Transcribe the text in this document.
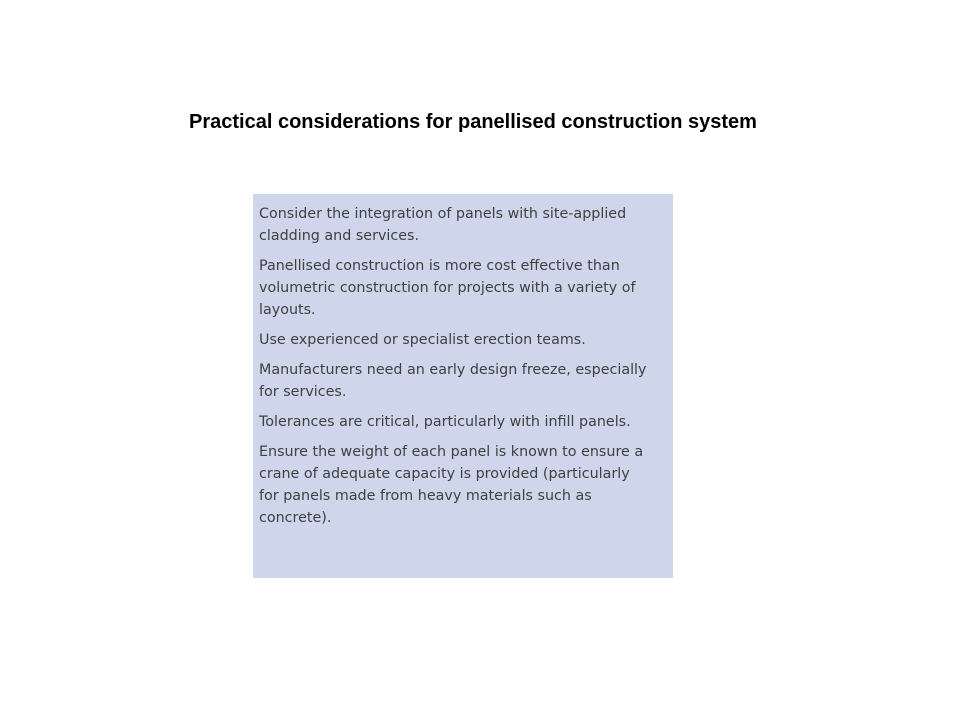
Practical considerations for panellised construction system

Consider the integration of panels with site-applied cladding and services.

Panellised construction is more cost effective than volumetric construction for projects with a variety of layouts.

Use experienced or specialist erection teams.

Manufacturers need an early design freeze, especially for services.

Tolerances are critical, particularly with infill panels.

Ensure the weight of each panel is known to ensure a crane of adequate capacity is provided (particularly for panels made from heavy materials such as concrete).
